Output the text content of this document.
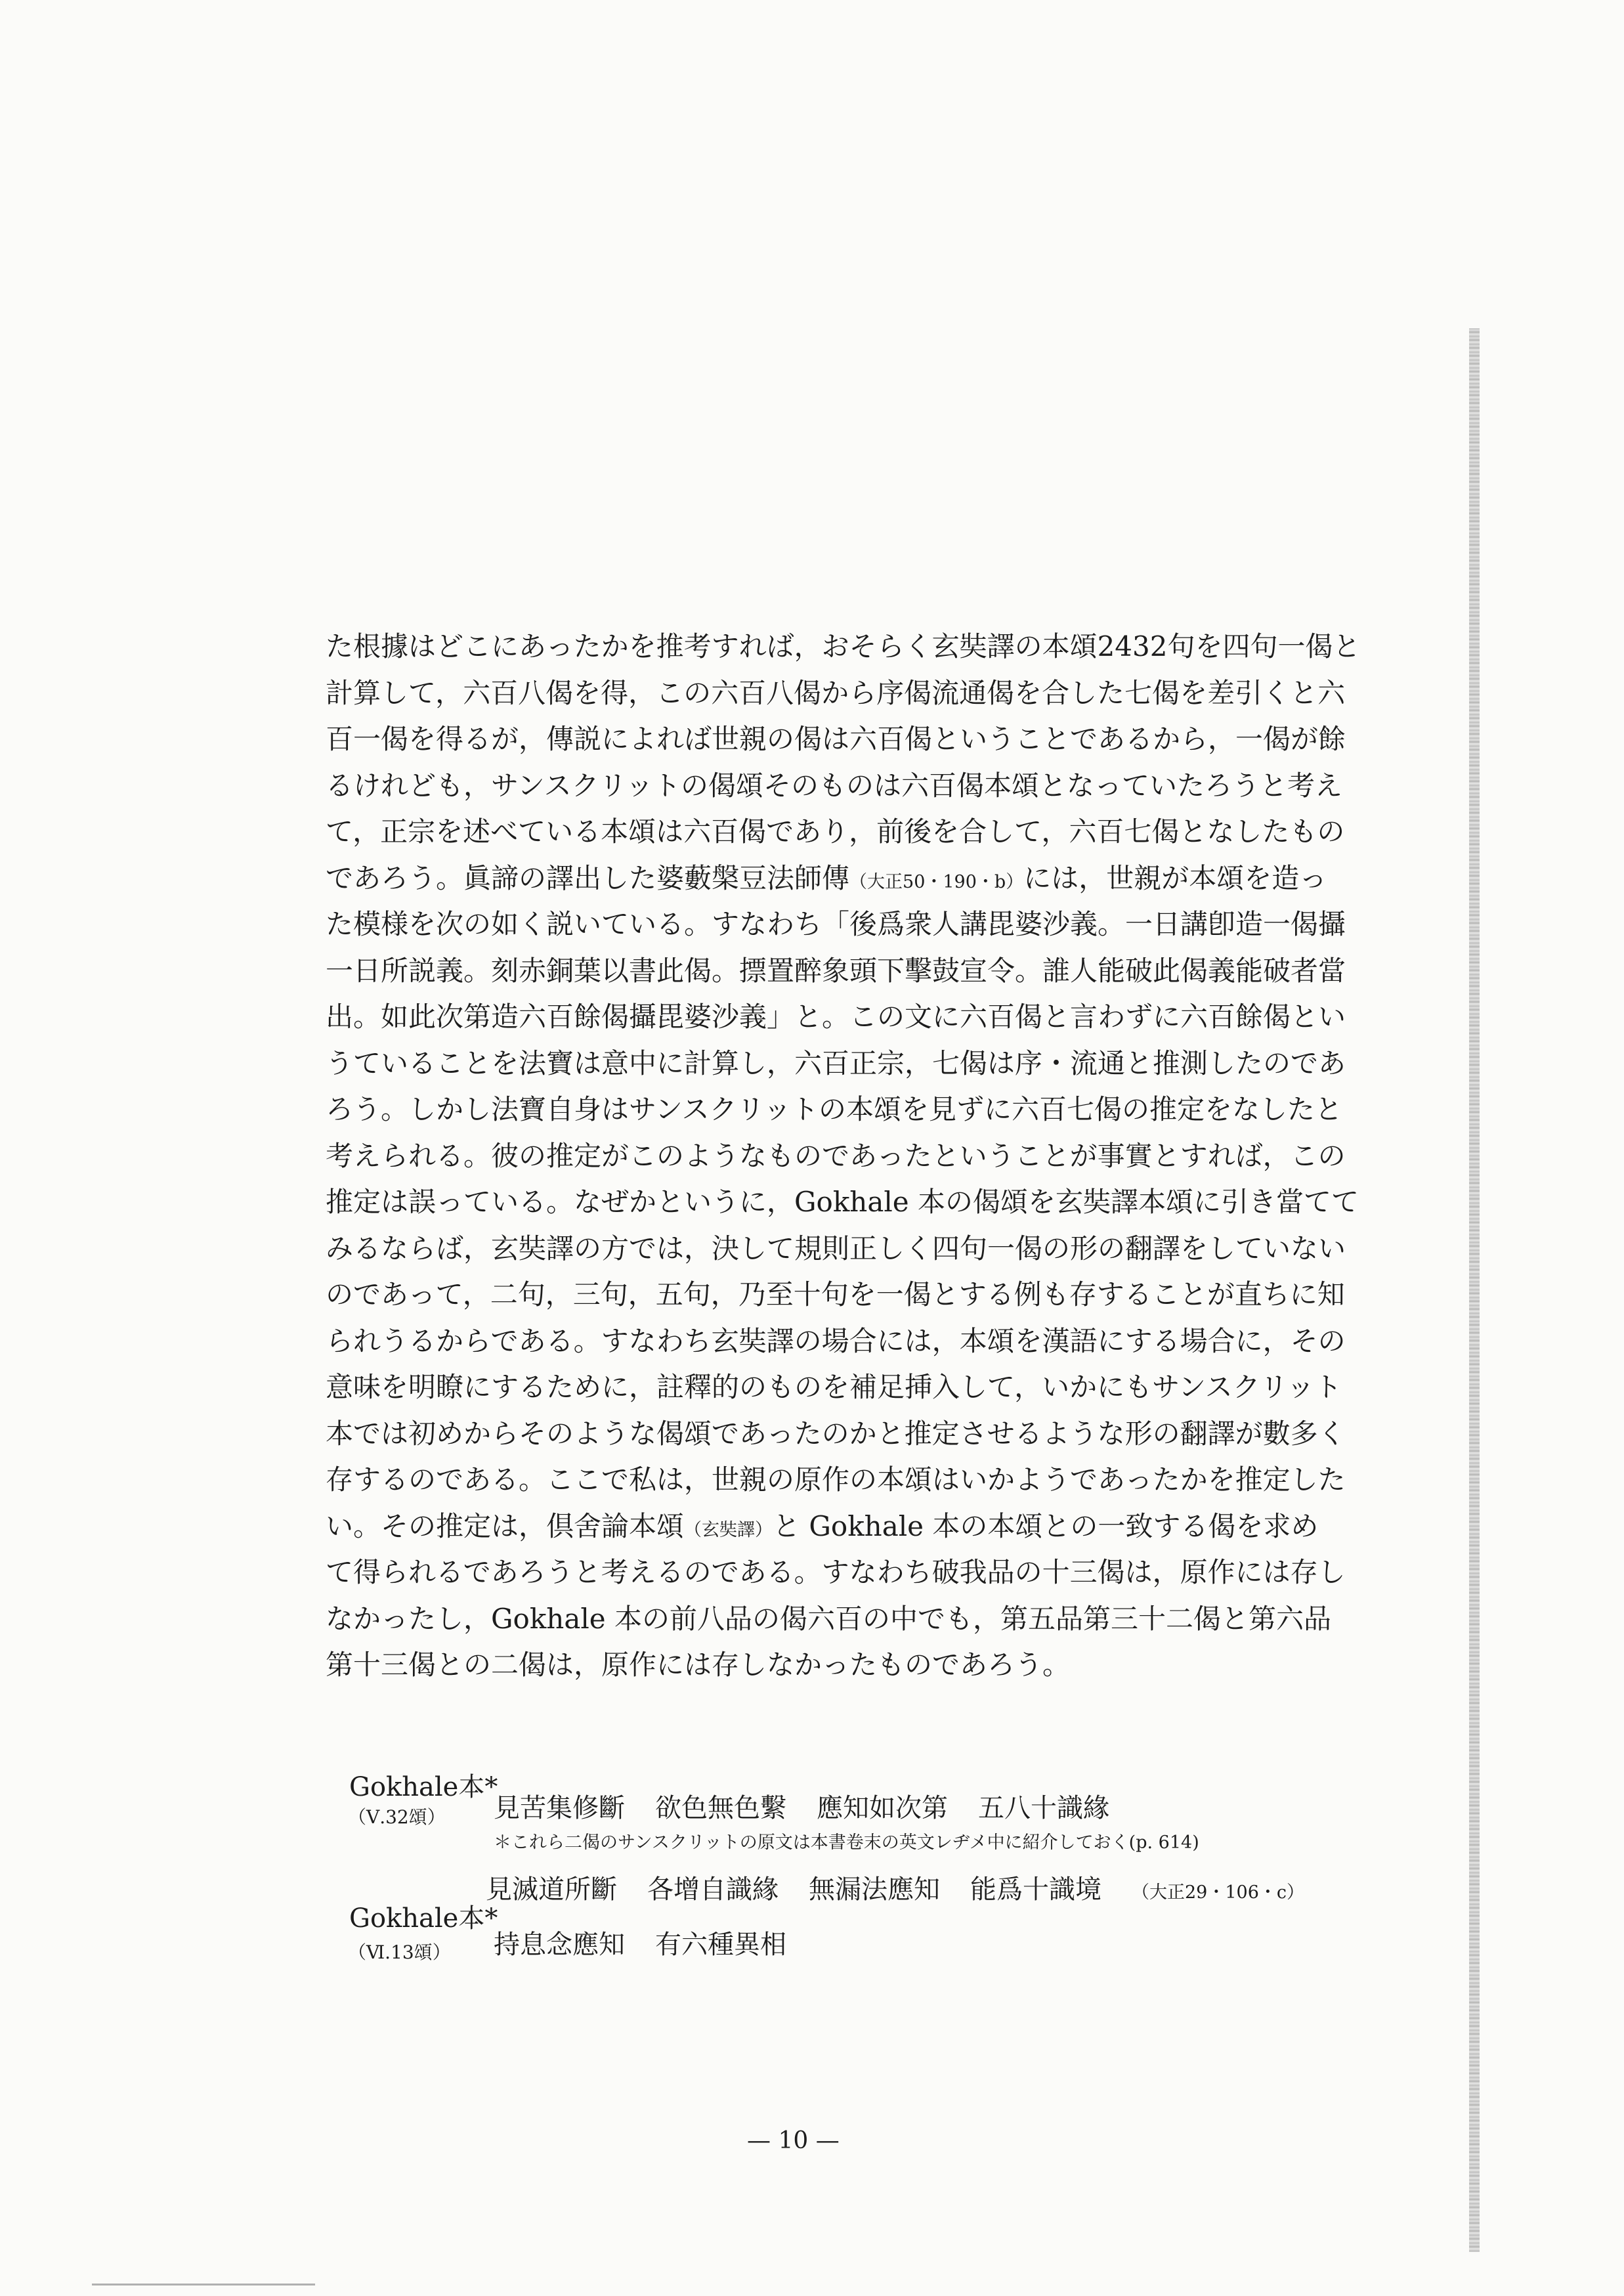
た根據はどこにあったかを推考すれば，おそらく玄奘譯の本頌2432句を四句一偈と
計算して，六百八偈を得，この六百八偈から序偈流通偈を合した七偈を差引くと六
百一偈を得るが，傳説によれば世親の偈は六百偈ということであるから，一偈が餘
るけれども，サンスクリットの偈頌そのものは六百偈本頌となっていたろうと考え
て，正宗を述べている本頌は六百偈であり，前後を合して，六百七偈となしたもの
であろう。眞諦の譯出した婆藪槃豆法師傳（大正50・190・b）には，世親が本頌を造っ
た模様を次の如く説いている。すなわち「後爲衆人講毘婆沙義。一日講卽造一偈攝
一日所説義。刻赤銅葉以書此偈。摽置醉象頭下擊鼓宣令。誰人能破此偈義能破者當
出。如此次第造六百餘偈攝毘婆沙義」と。この文に六百偈と言わずに六百餘偈とい
うていることを法寶は意中に計算し，六百正宗，七偈は序・流通と推測したのであ
ろう。しかし法寶自身はサンスクリットの本頌を見ずに六百七偈の推定をなしたと
考えられる。彼の推定がこのようなものであったということが事實とすれば，この
推定は誤っている。なぜかというに，Gokhale 本の偈頌を玄奘譯本頌に引き當てて
みるならば，玄奘譯の方では，決して規則正しく四句一偈の形の翻譯をしていない
のであって，二句，三句，五句，乃至十句を一偈とする例も存することが直ちに知
られうるからである。すなわち玄奘譯の場合には，本頌を漢語にする場合に，その
意味を明瞭にするために，註釋的のものを補足挿入して，いかにもサンスクリット
本では初めからそのような偈頌であったのかと推定させるような形の翻譯が數多く
存するのである。ここで私は，世親の原作の本頌はいかようであったかを推定した
い。その推定は，倶舍論本頌（玄奘譯）と Gokhale 本の本頌との一致する偈を求め
て得られるであろうと考えるのである。すなわち破我品の十三偈は，原作には存し
なかったし，Gokhale 本の前八品の偈六百の中でも，第五品第三十二偈と第六品
第十三偈との二偈は，原作には存しなかったものであろう。
Gokhale本*
（Ⅴ.32頌） 見苦集修斷 欲色無色繫 應知如次第 五八十識緣
＊これら二偈のサンスクリットの原文は本書卷末の英文レヂメ中に紹介しておく(p. 614)
見滅道所斷 各增自識緣 無漏法應知 能爲十識境 （大正29・106・c）
Gokhale本*
（Ⅵ.13頌） 持息念應知 有六種異相
— 10 —
